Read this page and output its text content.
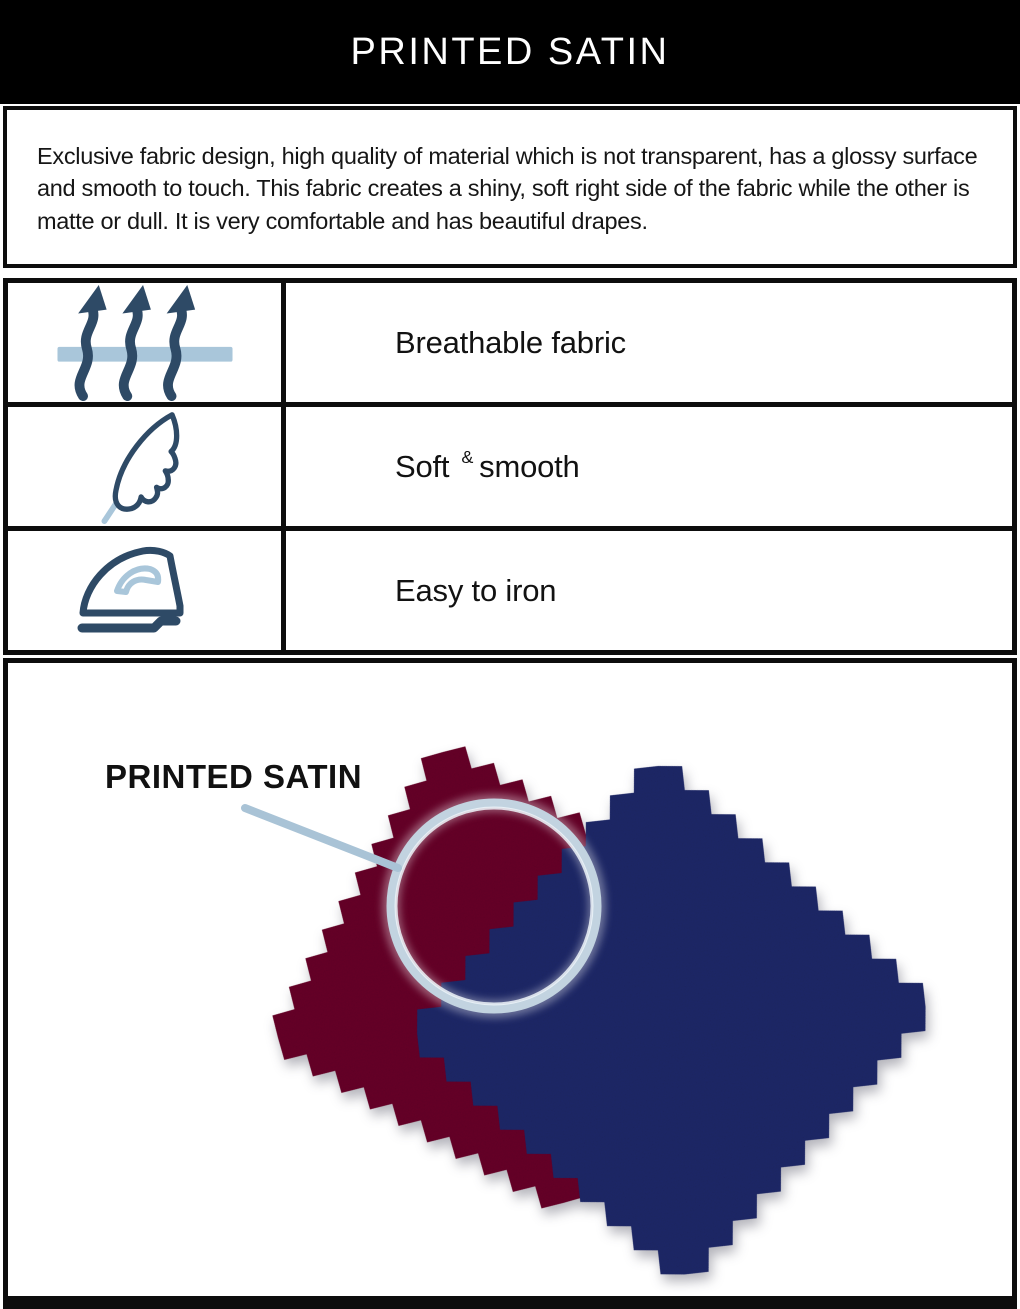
PRINTED SATIN
Exclusive fabric design, high quality of material which is not transparent, has a glossy surface and smooth to touch. This fabric creates a shiny, soft right side of the fabric while the other is matte or dull. It is very comfortable and has beautiful drapes.
Breathable fabric
Soft & smooth
Easy to iron
PRINTED SATIN
